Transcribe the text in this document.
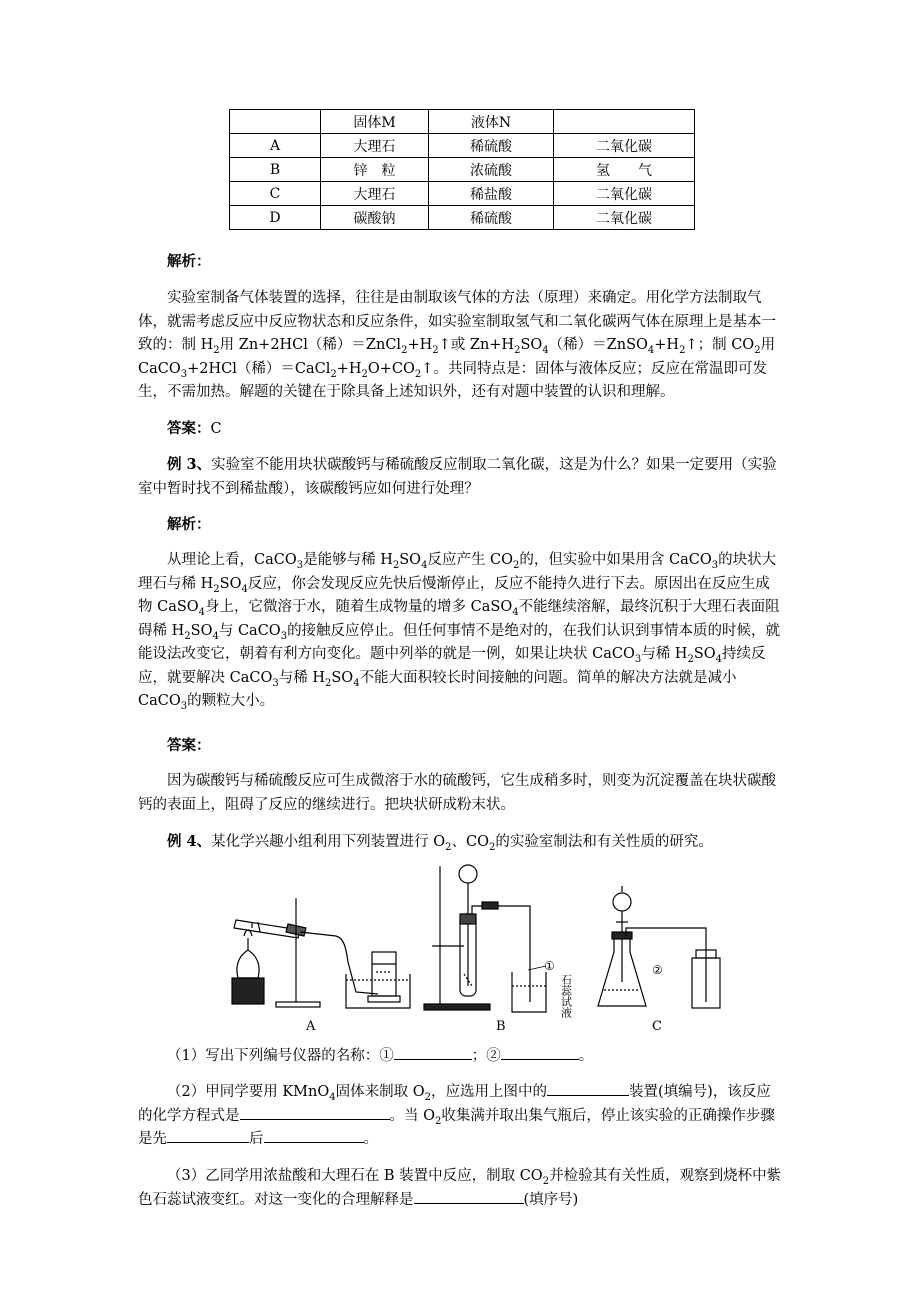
	固体M	液体N	
A	大理石	稀硫酸	二氧化碳
B	锌　粒	浓硫酸	氢　　气
C	大理石	稀盐酸	二氧化碳
D	碳酸钠	稀硫酸	二氧化碳
解析：
实验室制备气体装置的选择，往往是由制取该气体的方法（原理）来确定。用化学方法制取气体，就需考虑反应中反应物状态和反应条件，如实验室制取氢气和二氧化碳两气体在原理上是基本一致的：制 $H_2$用 Zn+2HCl（稀）$=ZnCl_2+H_2↑$或 $Zn+H_2SO_4$（稀）$=ZnSO_4+H_2↑$；制 $CO_2$用 CaCO$_3$+2HCl（稀）$=CaCl_2+H_2O+CO_2↑$。共同特点是：固体与液体反应；反应在常温即可发生，不需加热。解题的关键在于除具备上述知识外，还有对题中装置的认识和理解。
答案：C
例 3、实验室不能用块状碳酸钙与稀硫酸反应制取二氧化碳，这是为什么？如果一定要用（实验室中暂时找不到稀盐酸），该碳酸钙应如何进行处理？
解析：
从理论上看，CaCO$_3$是能够与稀 $H_2SO_4$反应产生 $CO_2$的，但实验中如果用含 CaCO$_3$的块状大理石与稀 $H_2SO_4$反应，你会发现反应先快后慢渐停止，反应不能持久进行下去。原因出在反应生成物 CaSO$_4$身上，它微溶于水，随着生成物量的增多 CaSO$_4$不能继续溶解，最终沉积于大理石表面阻碍稀 $H_2SO_4$与 CaCO$_3$的接触反应停止。但任何事情不是绝对的，在我们认识到事情本质的时候，就能设法改变它，朝着有利方向变化。题中列举的就是一例，如果让块状 CaCO$_3$与稀 $H_2SO_4$持续反应，就要解决 CaCO$_3$与稀 $H_2SO_4$不能大面积较长时间接触的问题。简单的解决方法就是减小 CaCO$_3$的颗粒大小。
答案：
因为碳酸钙与稀硫酸反应可生成微溶于水的硫酸钙，它生成稍多时，则变为沉淀覆盖在块状碳酸钙的表面上，阻碍了反应的继续进行。把块状研成粉末状。
例 4、某化学兴趣小组利用下列装置进行 $O_2$、$CO_2$的实验室制法和有关性质的研究。
A	B	C
①	②
石蕊试液
（1）写出下列编号仪器的名称：①	；②	。
（2）甲同学要用 KMnO$_4$固体来制取 $O_2$，应选用上图中的	装置(填编号)，该反应的化学方程式是	。当 $O_2$收集满并取出集气瓶后，停止该实验的正确操作步骤是先	后	。
（3）乙同学用浓盐酸和大理石在 B 装置中反应，制取 $CO_2$并检验其有关性质，观察到烧杯中紫色石蕊试液变红。对这一变化的合理解释是	(填序号)
